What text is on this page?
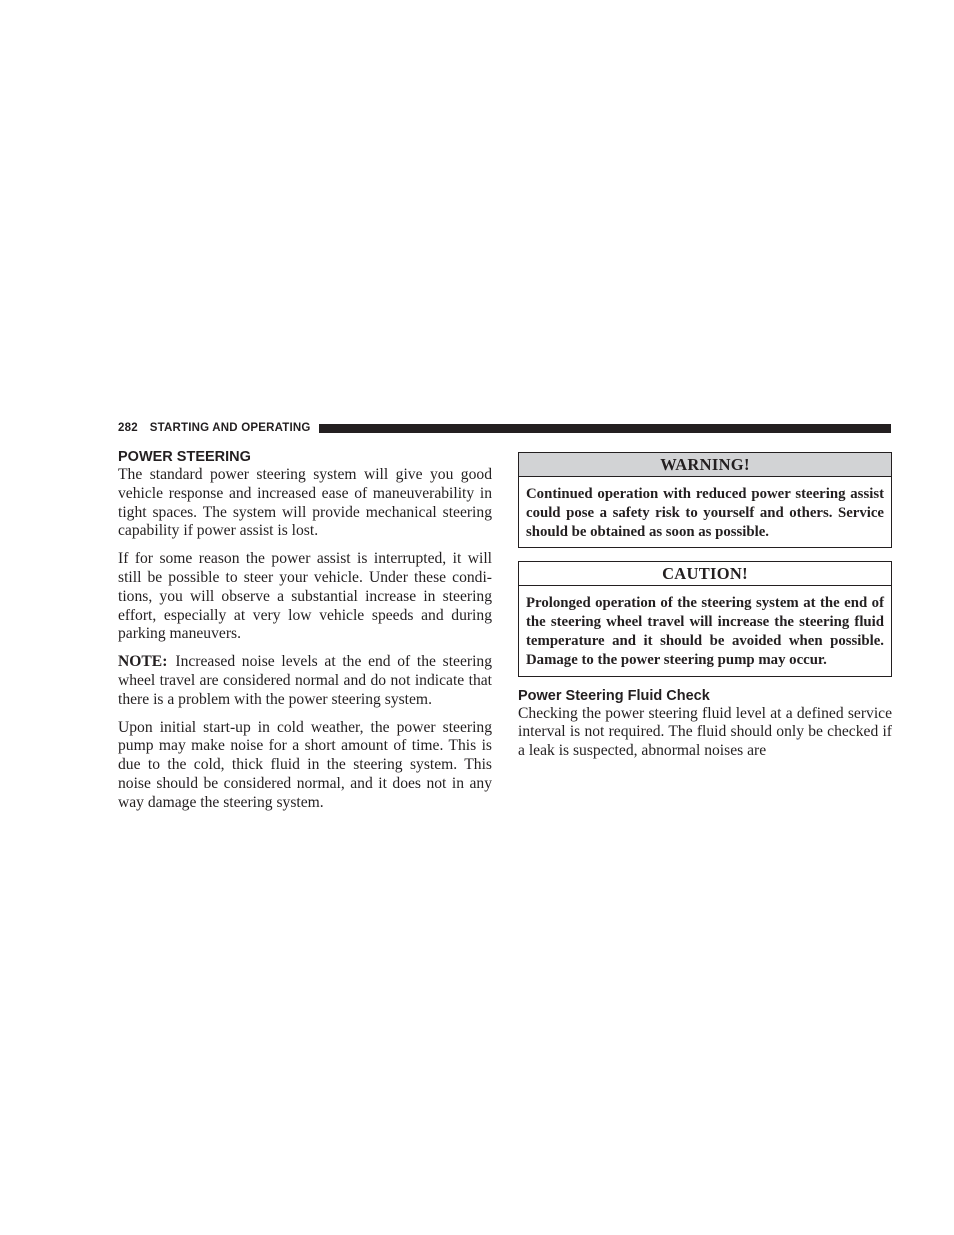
282 STARTING AND OPERATING
POWER STEERING

The standard power steering system will give you good vehicle response and increased ease of maneuverability in tight spaces. The system will provide mechanical steering capability if power assist is lost.

If for some reason the power assist is interrupted, it will still be possible to steer your vehicle. Under these conditions, you will observe a substantial increase in steering effort, especially at very low vehicle speeds and during parking maneuvers.

NOTE: Increased noise levels at the end of the steering wheel travel are considered normal and do not indicate that there is a problem with the power steering system.

Upon initial start-up in cold weather, the power steering pump may make noise for a short amount of time. This is due to the cold, thick fluid in the steering system. This noise should be considered normal, and it does not in any way damage the steering system.

WARNING!
Continued operation with reduced power steering assist could pose a safety risk to yourself and others. Service should be obtained as soon as possible.
CAUTION!
Prolonged operation of the steering system at the end of the steering wheel travel will increase the steering fluid temperature and it should be avoided when possible. Damage to the power steering pump may occur.
Power Steering Fluid Check

Checking the power steering fluid level at a defined service interval is not required. The fluid should only be checked if a leak is suspected, abnormal noises are
